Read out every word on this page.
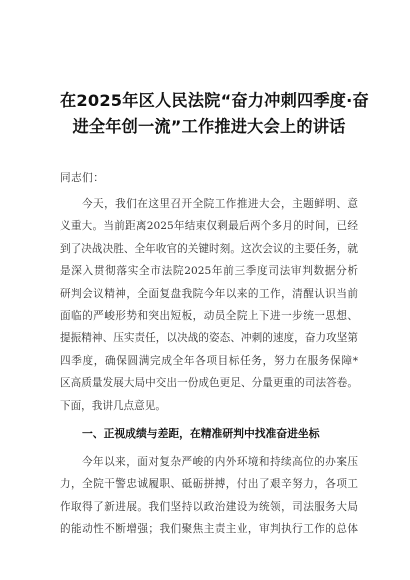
在2025年区人民法院“奋力冲刺四季度·奋
进全年创一流”工作推进大会上的讲话

同志们：

今天，我们在这里召开全院工作推进大会，主题鲜明、意
义重大。当前距离2025年结束仅剩最后两个多月的时间，已经
到了决战决胜、全年收官的关键时刻。这次会议的主要任务，就
是深入贯彻落实全市法院2025年前三季度司法审判数据分析
研判会议精神，全面复盘我院今年以来的工作，清醒认识当前
面临的严峻形势和突出短板，动员全院上下进一步统一思想、
提振精神、压实责任，以决战的姿态、冲刺的速度，奋力攻坚第
四季度，确保圆满完成全年各项目标任务，努力在服务保障*
区高质量发展大局中交出一份成色更足、分量更重的司法答卷。
下面，我讲几点意见。

一、正视成绩与差距，在精准研判中找准奋进坐标

今年以来，面对复杂严峻的内外环境和持续高位的办案压
力，全院干警忠诚履职、砥砺拼搏，付出了艰辛努力，各项工
作取得了新进展。我们坚持以政治建设为统领，司法服务大局
的能动性不断增强；我们聚焦主责主业，审判执行工作的总体
